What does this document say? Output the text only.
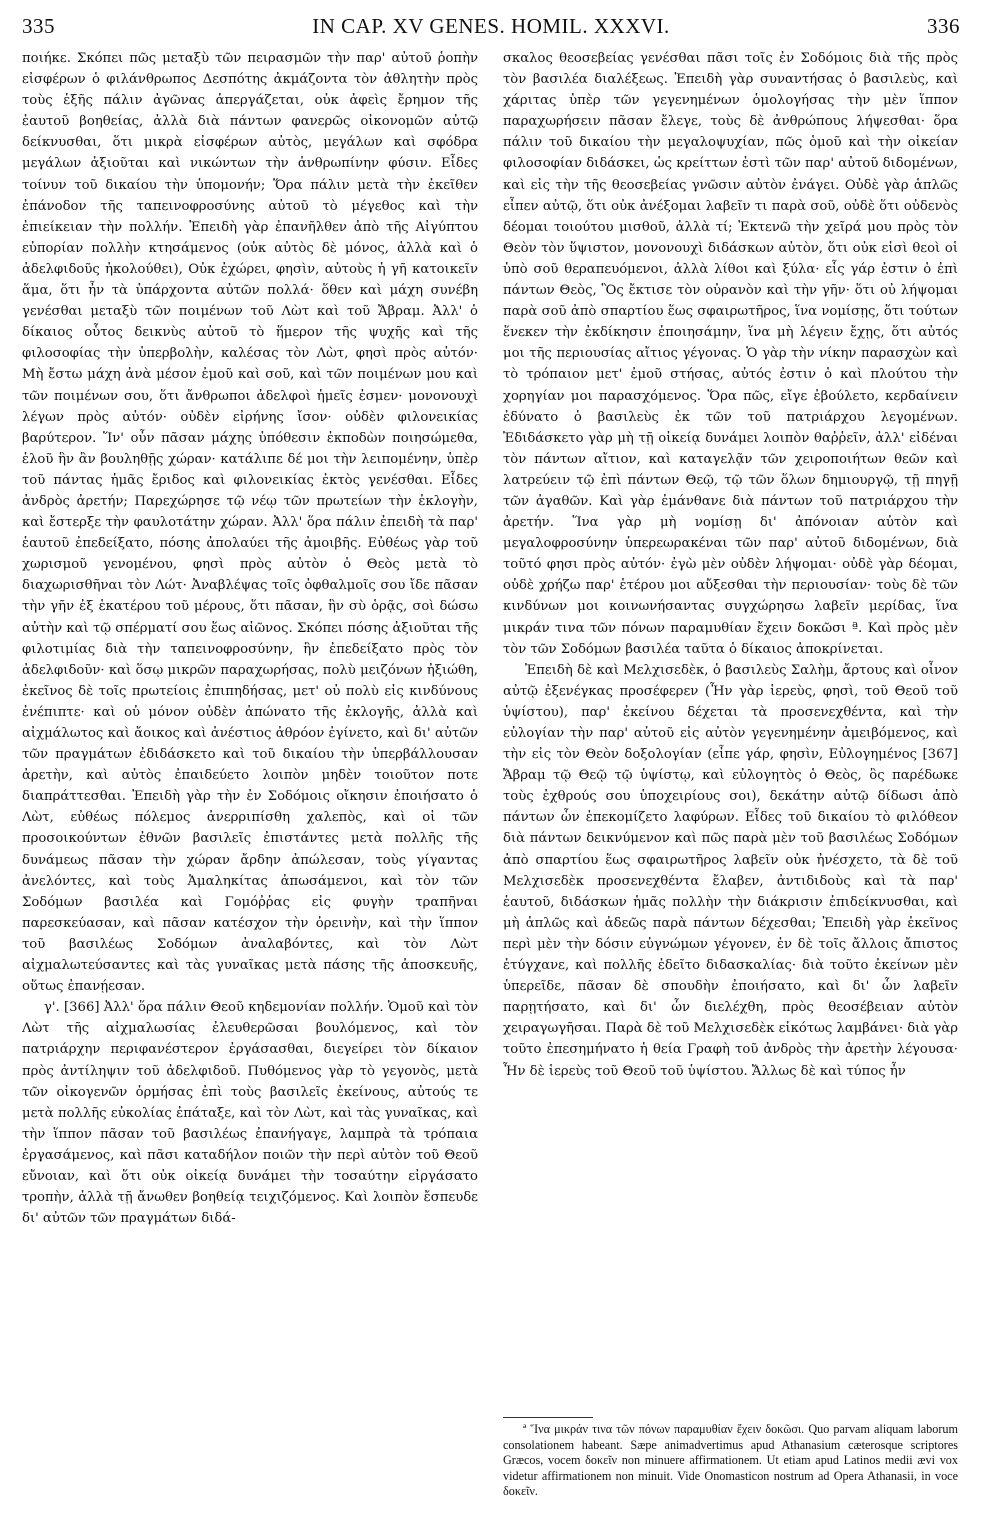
335	IN CAP. XV GENES. HOMIL. XXXVI.	336

ποιήκε. Σκόπει πῶς μεταξὺ τῶν πειρασμῶν τὴν παρ' αὐτοῦ ῥοπὴν εἰσφέρων ὁ φιλάνθρωπος Δεσπότης ἀκμάζοντα τὸν ἀθλητὴν πρὸς τοὺς ἑξῆς πάλιν ἀγῶνας ἀπεργάζεται, οὐκ ἀφεὶς ἔρημον τῆς ἑαυτοῦ βοηθείας, ἀλλὰ διὰ πάντων φανερῶς οἰκονομῶν αὐτῷ δείκνυσθαι, ὅτι μικρὰ εἰσφέρων αὐτὸς, μεγάλων καὶ σφόδρα μεγάλων ἀξιοῦται καὶ νικώντων τὴν ἀνθρωπίνην φύσιν. Εἶδες τοίνυν τοῦ δικαίου τὴν ὑπομονήν; Ὅρα πάλιν μετὰ τὴν ἐκεῖθεν ἐπάνοδον τῆς ταπεινοφροσύνης αὐτοῦ τὸ μέγεθος καὶ τὴν ἐπιείκειαν τὴν πολλήν. Ἐπειδὴ γὰρ ἐπανῆλθεν ἀπὸ τῆς Αἰγύπτου εὐπορίαν πολλὴν κτησάμενος (οὐκ αὐτὸς δὲ μόνος, ἀλλὰ καὶ ὁ ἀδελφιδοῦς ἠκολούθει), Οὐκ ἐχώρει, φησὶν, αὐτοὺς ἡ γῆ κατοικεῖν ἅμα, ὅτι ἦν τὰ ὑπάρχοντα αὐτῶν πολλά· ὅθεν καὶ μάχη συνέβη γενέσθαι μεταξὺ τῶν ποιμένων τοῦ Λὼτ καὶ τοῦ Ἄβραμ. Ἀλλ' ὁ δίκαιος οὗτος δεικνὺς αὐτοῦ τὸ ἥμερον τῆς ψυχῆς καὶ τῆς φιλοσοφίας τὴν ὑπερβολὴν, καλέσας τὸν Λὼτ, φησὶ πρὸς αὐτόν· Μὴ ἔστω μάχη ἀνὰ μέσον ἐμοῦ καὶ σοῦ, καὶ τῶν ποιμένων μου καὶ τῶν ποιμένων σου, ὅτι ἄνθρωποι ἀδελφοὶ ἡμεῖς ἐσμεν· μονονουχὶ λέγων πρὸς αὐτόν· οὐδὲν εἰρήνης ἴσον· οὐδὲν φιλονεικίας βαρύτερον. Ἵν' οὖν πᾶσαν μάχης ὑπόθεσιν ἐκποδὼν ποιησώμεθα, ἑλοῦ ἣν ἂν βουληθῇς χώραν· κατάλιπε δέ μοι τὴν λειπομένην, ὑπὲρ τοῦ πάντας ἡμᾶς ἔριδος καὶ φιλονεικίας ἐκτὸς γενέσθαι. Εἶδες ἀνδρὸς ἀρετήν; Παρεχώρησε τῷ νέῳ τῶν πρωτείων τὴν ἐκλογὴν, καὶ ἔστερξε τὴν φαυλοτάτην χώραν. Ἀλλ' ὅρα πάλιν ἐπειδὴ τὰ παρ' ἑαυτοῦ ἐπεδείξατο, πόσης ἀπολαύει τῆς ἀμοιβῆς. Εὐθέως γὰρ τοῦ χωρισμοῦ γενομένου, φησὶ πρὸς αὐτὸν ὁ Θεὸς μετὰ τὸ διαχωρισθῆναι τὸν Λώτ· Ἀναβλέψας τοῖς ὀφθαλμοῖς σου ἴδε πᾶσαν τὴν γῆν ἐξ ἑκατέρου τοῦ μέρους, ὅτι πᾶσαν, ἣν σὺ ὁρᾷς, σοὶ δώσω αὐτὴν καὶ τῷ σπέρματί σου ἕως αἰῶνος. Σκόπει πόσης ἀξιοῦται τῆς φιλοτιμίας διὰ τὴν ταπεινοφροσύνην, ἣν ἐπεδείξατο πρὸς τὸν ἀδελφιδοῦν· καὶ ὅσῳ μικρῶν παραχωρήσας, πολὺ μειζόνων ἠξιώθη, ἐκεῖνος δὲ τοῖς πρωτείοις ἐπιπηδήσας, μετ' οὐ πολὺ εἰς κινδύνους ἐνέπιπτε· καὶ οὐ μόνον οὐδὲν ἀπώνατο τῆς ἐκλογῆς, ἀλλὰ καὶ αἰχμάλωτος καὶ ἄοικος καὶ ἀνέστιος ἀθρόον ἐγίνετο, καὶ δι' αὐτῶν τῶν πραγμάτων ἐδιδάσκετο καὶ τοῦ δικαίου τὴν ὑπερβάλλουσαν ἀρετὴν, καὶ αὐτὸς ἐπαιδεύετο λοιπὸν μηδὲν τοιοῦτον ποτε διαπράττεσθαι. Ἐπειδὴ γὰρ τὴν ἐν Σοδόμοις οἴκησιν ἐποιήσατο ὁ Λὼτ, εὐθέως πόλεμος ἀνερριπίσθη χαλεπὸς, καὶ οἱ τῶν προσοικούντων ἐθνῶν βασιλεῖς ἐπιστάντες μετὰ πολλῆς τῆς δυνάμεως πᾶσαν τὴν χώραν ἄρδην ἀπώλεσαν, τοὺς γίγαντας ἀνελόντες, καὶ τοὺς Ἀμαληκίτας ἀπωσάμενοι, καὶ τὸν τῶν Σοδόμων βασιλέα καὶ Γομόῤῥας εἰς φυγὴν τραπῆναι παρεσκεύασαν, καὶ πᾶσαν κατέσχον τὴν ὀρεινὴν, καὶ τὴν ἵππον τοῦ βασιλέως Σοδόμων ἀναλαβόντες, καὶ τὸν Λὼτ αἰχμαλωτεύσαντες καὶ τὰς γυναῖκας μετὰ πάσης τῆς ἀποσκευῆς, οὕτως ἐπανῄεσαν.

γ'. [366] Ἀλλ' ὅρα πάλιν Θεοῦ κηδεμονίαν πολλήν. Ὁμοῦ καὶ τὸν Λὼτ τῆς αἰχμαλωσίας ἐλευθερῶσαι βουλόμενος, καὶ τὸν πατριάρχην περιφανέστερον ἐργάσασθαι, διεγείρει τὸν δίκαιον πρὸς ἀντίληψιν τοῦ ἀδελφιδοῦ. Πυθόμενος γὰρ τὸ γεγονὸς, μετὰ τῶν οἰκογενῶν ὁρμήσας ἐπὶ τοὺς βασιλεῖς ἐκείνους, αὐτούς τε μετὰ πολλῆς εὐκολίας ἐπάταξε, καὶ τὸν Λὼτ, καὶ τὰς γυναῖκας, καὶ τὴν ἵππον πᾶσαν τοῦ βασιλέως ἐπανήγαγε, λαμπρὰ τὰ τρόπαια ἐργασάμενος, καὶ πᾶσι καταδήλον ποιῶν τὴν περὶ αὐτὸν τοῦ Θεοῦ εὔνοιαν, καὶ ὅτι οὐκ οἰκείᾳ δυνάμει τὴν τοσαύτην εἰργάσατο τροπὴν, ἀλλὰ τῇ ἄνωθεν βοηθείᾳ τειχιζόμενος. Καὶ λοιπὸν ἔσπευδε δι' αὐτῶν τῶν πραγμάτων διδά-

σκαλος θεοσεβείας γενέσθαι πᾶσι τοῖς ἐν Σοδόμοις διὰ τῆς πρὸς τὸν βασιλέα διαλέξεως. Ἐπειδὴ γὰρ συναντήσας ὁ βασιλεὺς, καὶ χάριτας ὑπὲρ τῶν γεγενημένων ὁμολογήσας τὴν μὲν ἵππον παραχωρήσειν πᾶσαν ἔλεγε, τοὺς δὲ ἀνθρώπους λήψεσθαι· ὅρα πάλιν τοῦ δικαίου τὴν μεγαλοψυχίαν, πῶς ὁμοῦ καὶ τὴν οἰκείαν φιλοσοφίαν διδάσκει, ὡς κρείττων ἐστὶ τῶν παρ' αὐτοῦ διδομένων, καὶ εἰς τὴν τῆς θεοσεβείας γνῶσιν αὐτὸν ἐνάγει. Οὐδὲ γὰρ ἁπλῶς εἶπεν αὐτῷ, ὅτι οὐκ ἀνέξομαι λαβεῖν τι παρὰ σοῦ, οὐδὲ ὅτι οὐδενὸς δέομαι τοιούτου μισθοῦ, ἀλλὰ τί; Ἐκτενῶ τὴν χεῖρά μου πρὸς τὸν Θεὸν τὸν ὕψιστον, μονονουχὶ διδάσκων αὐτὸν, ὅτι οὐκ εἰσὶ θεοὶ οἱ ὑπὸ σοῦ θεραπευόμενοι, ἀλλὰ λίθοι καὶ ξύλα· εἷς γάρ ἐστιν ὁ ἐπὶ πάντων Θεὸς, Ὃς ἔκτισε τὸν οὐρανὸν καὶ τὴν γῆν· ὅτι οὐ λήψομαι παρὰ σοῦ ἀπὸ σπαρτίου ἕως σφαιρωτῆρος, ἵνα νομίσῃς, ὅτι τούτων ἕνεκεν τὴν ἐκδίκησιν ἐποιησάμην, ἵνα μὴ λέγειν ἔχῃς, ὅτι αὐτός μοι τῆς περιουσίας αἴτιος γέγονας. Ὁ γὰρ τὴν νίκην παρασχὼν καὶ τὸ τρόπαιον μετ' ἐμοῦ στήσας, αὐτός ἐστιν ὁ καὶ πλούτου τὴν χορηγίαν μοι παρασχόμενος. Ὅρα πῶς, εἴγε ἐβούλετο, κερδαίνειν ἐδύνατο ὁ βασιλεὺς ἐκ τῶν τοῦ πατριάρχου λεγομένων. Ἐδιδάσκετο γὰρ μὴ τῇ οἰκείᾳ δυνάμει λοιπὸν θαῤῥεῖν, ἀλλ' εἰδέναι τὸν πάντων αἴτιον, καὶ καταγελᾷν τῶν χειροποιήτων θεῶν καὶ λατρεύειν τῷ ἐπὶ πάντων Θεῷ, τῷ τῶν ὅλων δημιουργῷ, τῇ πηγῇ τῶν ἀγαθῶν. Καὶ γὰρ ἐμάνθανε διὰ πάντων τοῦ πατριάρχου τὴν ἀρετήν. Ἵνα γὰρ μὴ νομίσῃ δι' ἀπόνοιαν αὐτὸν καὶ μεγαλοφροσύνην ὑπερεωρακέναι τῶν παρ' αὐτοῦ διδομένων, διὰ τοῦτό φησι πρὸς αὐτόν· ἐγὼ μὲν οὐδὲν λήψομαι· οὐδὲ γὰρ δέομαι, οὐδὲ χρήζω παρ' ἑτέρου μοι αὔξεσθαι τὴν περιουσίαν· τοὺς δὲ τῶν κινδύνων μοι κοινωνήσαντας συγχώρησω λαβεῖν μερίδας, ἵνα μικράν τινα τῶν πόνων παραμυθίαν ἔχειν δοκῶσι ª. Καὶ πρὸς μὲν τὸν τῶν Σοδόμων βασιλέα ταῦτα ὁ δίκαιος ἀποκρίνεται.

Ἐπειδὴ δὲ καὶ Μελχισεδὲκ, ὁ βασιλεὺς Σαλὴμ, ἄρτους καὶ οἶνον αὐτῷ ἐξενέγκας προσέφερεν (Ἦν γὰρ ἱερεὺς, φησὶ, τοῦ Θεοῦ τοῦ ὑψίστου), παρ' ἐκείνου δέχεται τὰ προσενεχθέντα, καὶ τὴν εὐλογίαν τὴν παρ' αὐτοῦ εἰς αὐτὸν γεγενημένην ἀμειβόμενος, καὶ τὴν εἰς τὸν Θεὸν δοξολογίαν (εἶπε γάρ, φησὶν, Εὐλογημένος [367] Ἄβραμ τῷ Θεῷ τῷ ὑψίστῳ, καὶ εὐλογητὸς ὁ Θεὸς, ὃς παρέδωκε τοὺς ἐχθρούς σου ὑποχειρίους σοι), δεκάτην αὐτῷ δίδωσι ἀπὸ πάντων ὧν ἐπεκομίζετο λαφύρων. Εἶδες τοῦ δικαίου τὸ φιλόθεον διὰ πάντων δεικνύμενον καὶ πῶς παρὰ μὲν τοῦ βασιλέως Σοδόμων ἀπὸ σπαρτίου ἕως σφαιρωτῆρος λαβεῖν οὐκ ἠνέσχετο, τὰ δὲ τοῦ Μελχισεδὲκ προσενεχθέντα ἔλαβεν, ἀντιδιδοὺς καὶ τὰ παρ' ἑαυτοῦ, διδάσκων ἡμᾶς πολλὴν τὴν διάκρισιν ἐπιδείκνυσθαι, καὶ μὴ ἁπλῶς καὶ ἀδεῶς παρὰ πάντων δέχεσθαι; Ἐπειδὴ γὰρ ἐκεῖνος περὶ μὲν τὴν δόσιν εὐγνώμων γέγονεν, ἐν δὲ τοῖς ἄλλοις ἄπιστος ἐτύγχανε, καὶ πολλῆς ἐδεῖτο διδασκαλίας· διὰ τοῦτο ἐκείνων μὲν ὑπερεῖδε, πᾶσαν δὲ σπουδὴν ἐποιήσατο, καὶ δι' ὧν λαβεῖν παρῃτήσατο, καὶ δι' ὧν διελέχθη, πρὸς θεοσέβειαν αὐτὸν χειραγωγῆσαι. Παρὰ δὲ τοῦ Μελχισεδὲκ εἰκότως λαμβάνει· διὰ γὰρ τοῦτο ἐπεσημήνατο ἡ θεία Γραφὴ τοῦ ἀνδρὸς τὴν ἀρετὴν λέγουσα· Ἦν δὲ ἱερεὺς τοῦ Θεοῦ τοῦ ὑψίστου. Ἄλλως δὲ καὶ τύπος ἦν

ª Ἵνα μικράν τινα τῶν πόνων παραμυθίαν ἔχειν δοκῶσι. Quo parvam aliquam laborum consolationem habeant. Sæpe animadvertimus apud Athanasium cæterosque scriptores Græcos, vocem δοκεῖν non minuere affirmationem. Ut etiam apud Latinos medii ævi vox videtur affirmationem non minuit. Vide Onomasticon nostrum ad Opera Athanasii, in voce δοκεῖν.
